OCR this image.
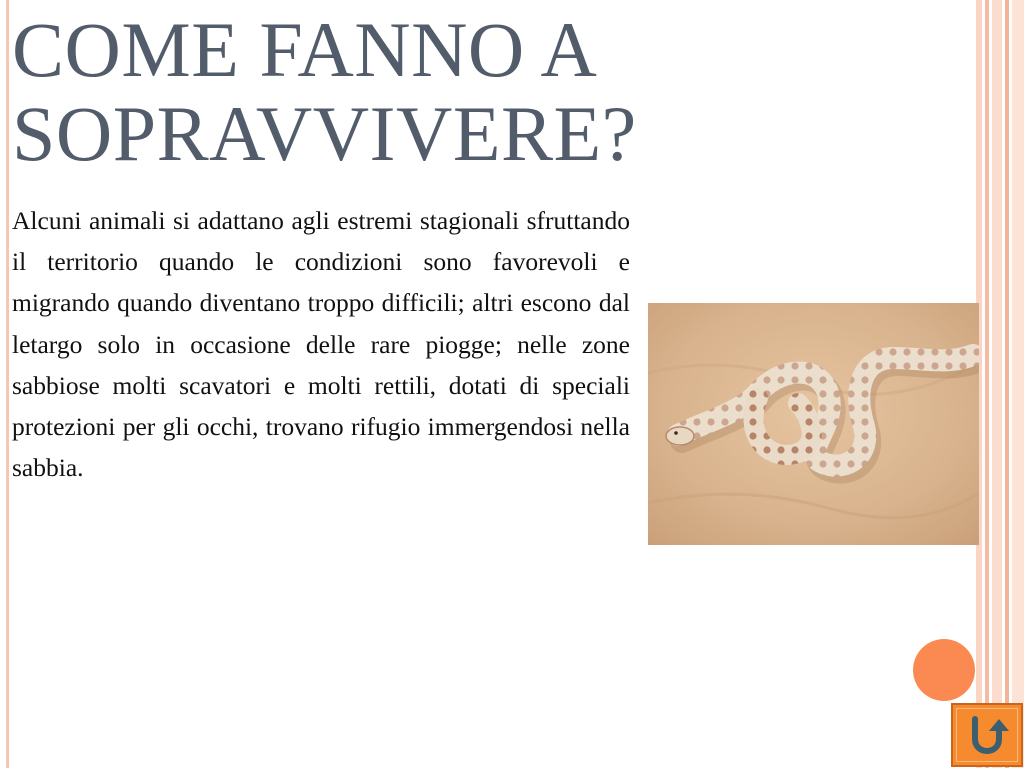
COME FANNO A
SOPRAVVIVERE?

Alcuni animali si adattano agli estremi stagionali sfruttando il territorio quando le condizioni sono favorevoli e migrando quando diventano troppo difficili; altri escono dal letargo solo in occasione delle rare piogge; nelle zone sabbiose molti scavatori e molti rettili, dotati di speciali protezioni per gli occhi, trovano rifugio immergendosi nella sabbia.
